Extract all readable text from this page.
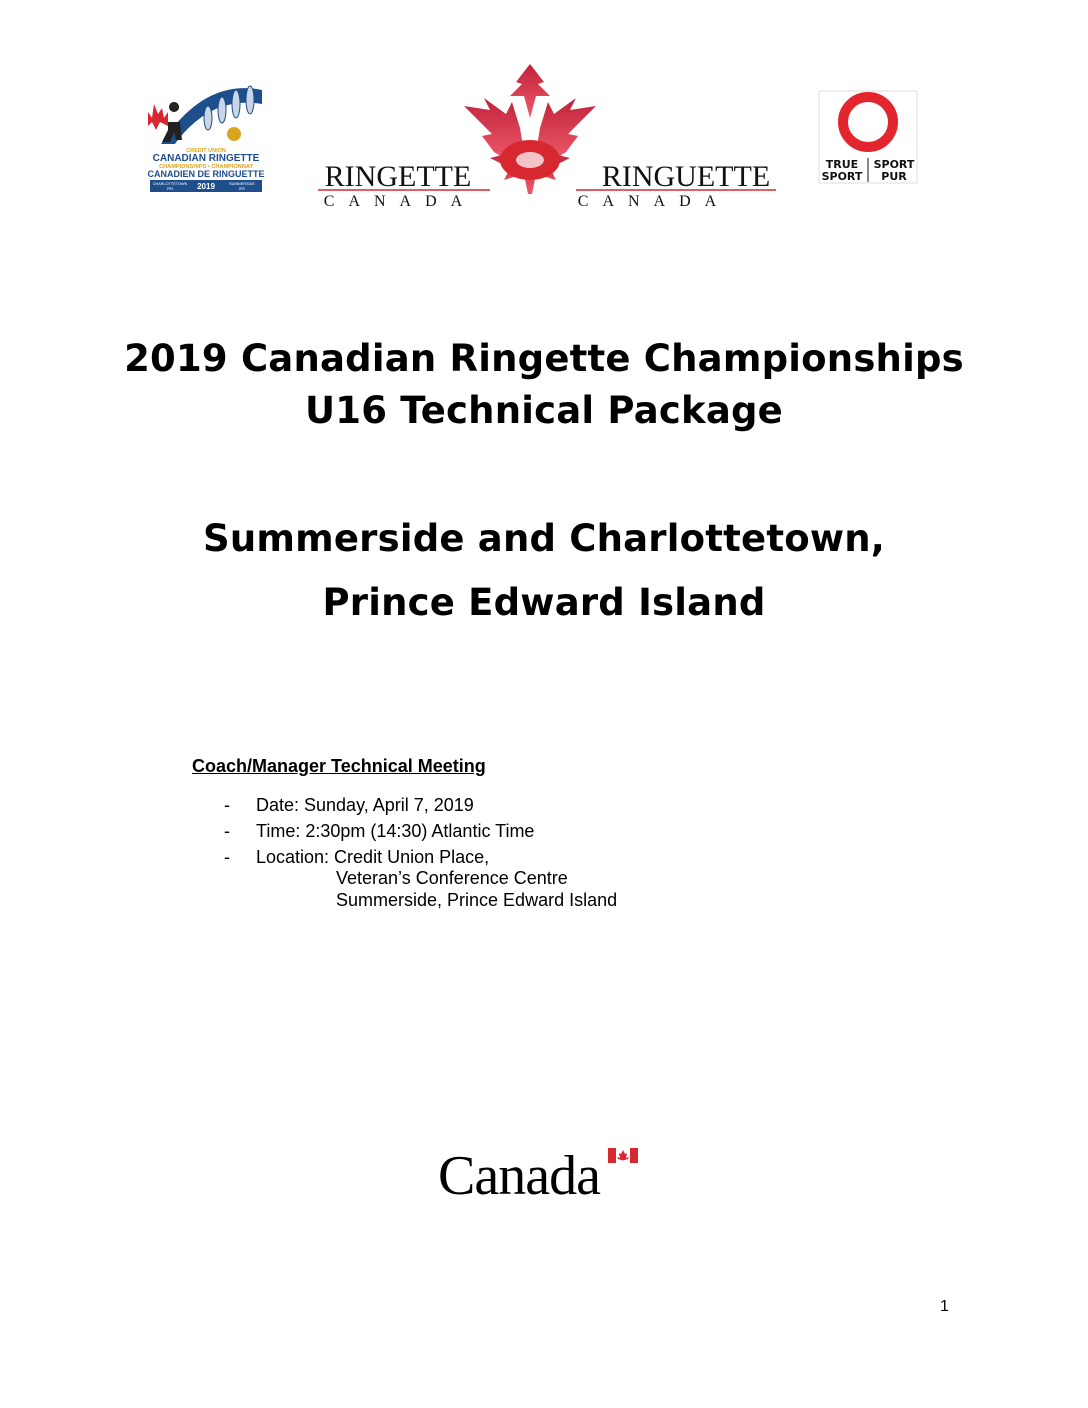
CREDIT UNION
CANADIAN RINGETTE
CHAMPIONSHIPS • CHAMPIONNAT
CANADIEN DE RINGUETTE
CHARLOTTETOWN
PEI	2019	SUMMERSIDE
IPE	RINGETTE
CANADA
RINGUETTE
CANADA
TRUE
SPORT
SPORT
PUR
2019 Canadian Ringette Championships
U16 Technical Package
Summerside and Charlottetown,
Prince Edward Island
Coach/Manager Technical Meeting
- Date: Sunday, April 7, 2019
- Time: 2:30pm (14:30) Atlantic Time
- Location: Credit Union Place,
Veteran’s Conference Centre
Summerside, Prince Edward Island
Canada
1
